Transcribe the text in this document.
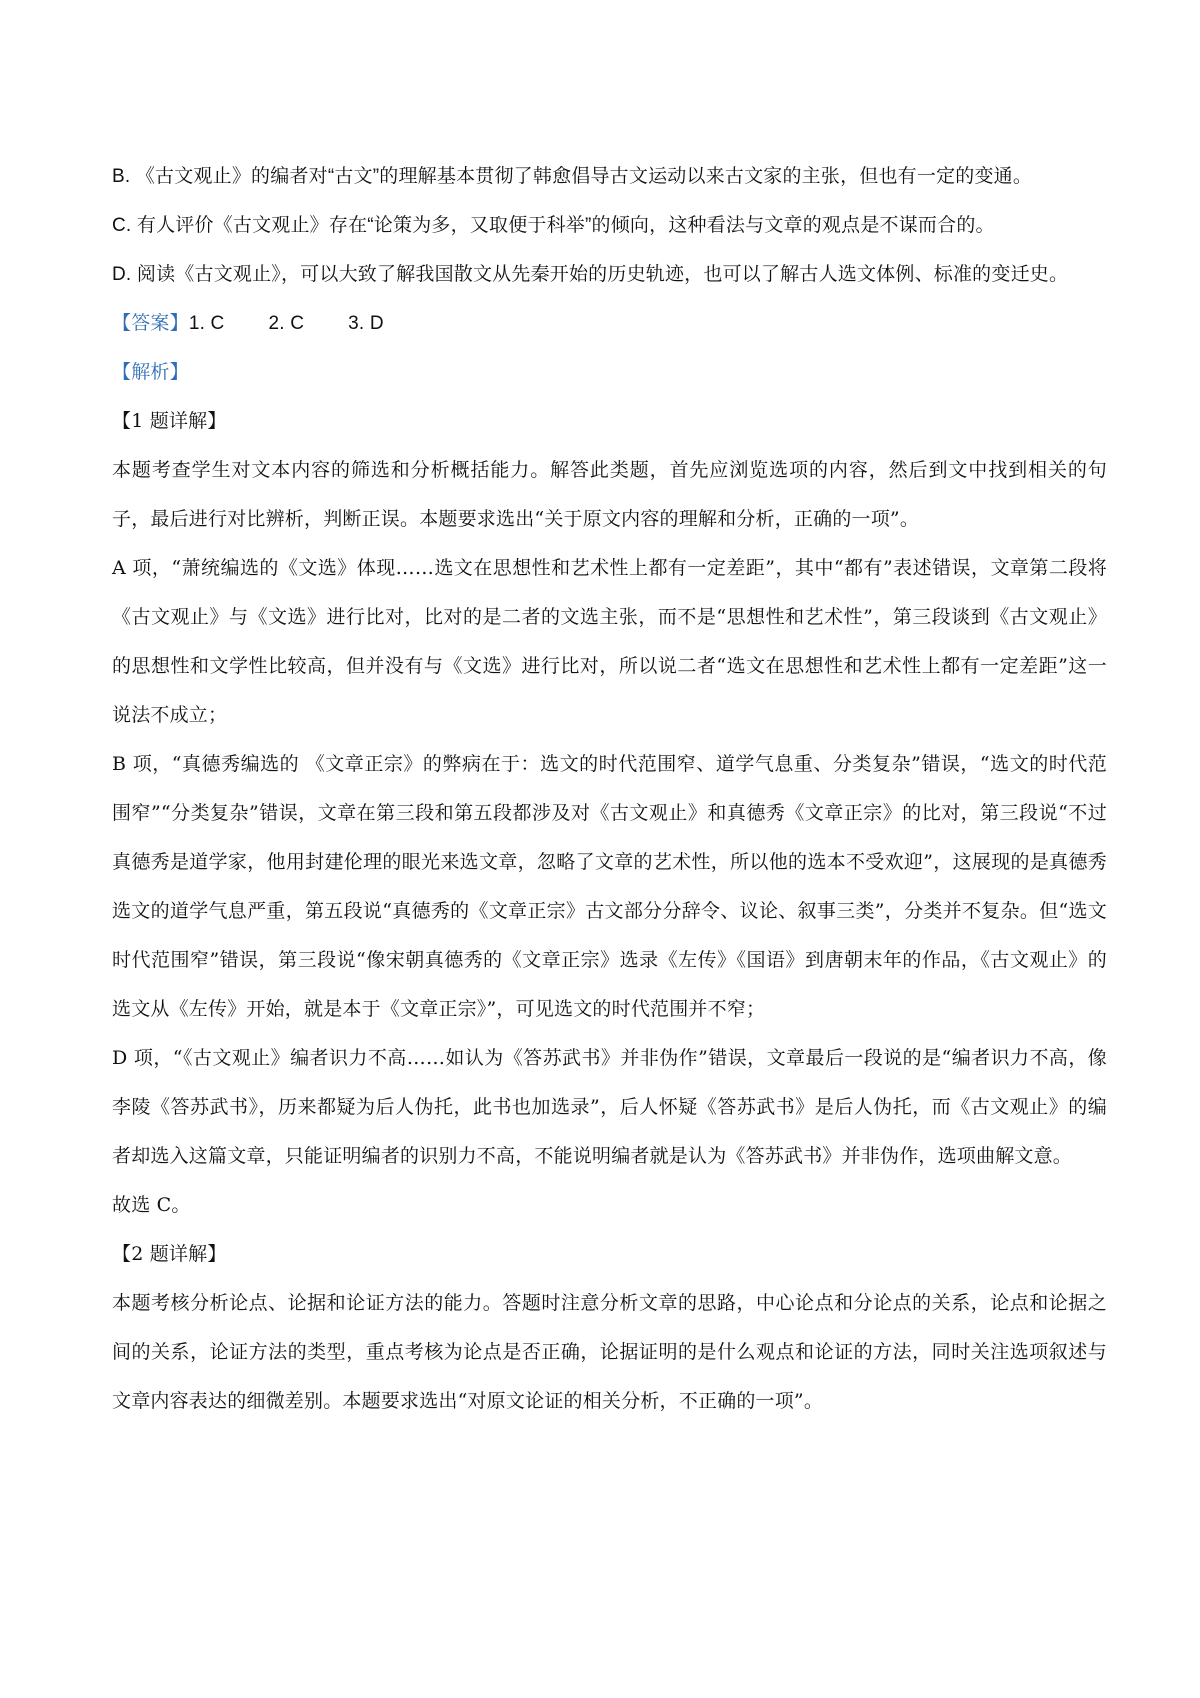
B. 《古文观止》的编者对“古文”的理解基本贯彻了韩愈倡导古文运动以来古文家的主张，但也有一定的变通。

C. 有人评价《古文观止》存在“论策为多，又取便于科举”的倾向，这种看法与文章的观点是不谋而合的。

D. 阅读《古文观止》，可以大致了解我国散文从先秦开始的历史轨迹，也可以了解古人选文体例、标准的变迁史。

【答案】 1. C 2. C 3. D

【解析】

【1 题详解】

本题考查学生对文本内容的筛选和分析概括能力。解答此类题，首先应浏览选项的内容，然后到文中找到相关的句子，最后进行对比辨析，判断正误。本题要求选出“关于原文内容的理解和分析，正确的一项”。

A 项，“萧统编选的《文选》体现……选文在思想性和艺术性上都有一定差距”，其中“都有”表述错误，文章第二段将《古文观止》与《文选》进行比对，比对的是二者的文选主张，而不是“思想性和艺术性”，第三段谈到《古文观止》的思想性和文学性比较高，但并没有与《文选》进行比对，所以说二者“选文在思想性和艺术性上都有一定差距”这一说法不成立；

B 项，“真德秀编选的 《文章正宗》的弊病在于：选文的时代范围窄、道学气息重、分类复杂”错误，“选文的时代范围窄”“分类复杂”错误，文章在第三段和第五段都涉及对《古文观止》和真德秀《文章正宗》的比对，第三段说“不过真德秀是道学家，他用封建伦理的眼光来选文章，忽略了文章的艺术性，所以他的选本不受欢迎”，这展现的是真德秀选文的道学气息严重，第五段说“真德秀的《文章正宗》古文部分分辞令、议论、叙事三类”，分类并不复杂。但“选文时代范围窄”错误，第三段说“像宋朝真德秀的《文章正宗》选录《左传》《国语》到唐朝末年的作品，《古文观止》的选文从《左传》开始，就是本于《文章正宗》”，可见选文的时代范围并不窄；

D 项，“《古文观止》编者识力不高……如认为《答苏武书》并非伪作”错误，文章最后一段说的是“编者识力不高，像李陵《答苏武书》，历来都疑为后人伪托，此书也加选录”，后人怀疑《答苏武书》是后人伪托，而《古文观止》的编者却选入这篇文章，只能证明编者的识别力不高，不能说明编者就是认为《答苏武书》并非伪作，选项曲解文意。

故选 C。

【2 题详解】

本题考核分析论点、论据和论证方法的能力。答题时注意分析文章的思路，中心论点和分论点的关系，论点和论据之间的关系，论证方法的类型，重点考核为论点是否正确，论据证明的是什么观点和论证的方法，同时关注选项叙述与文章内容表达的细微差别。本题要求选出“对原文论证的相关分析，不正确的一项”。
